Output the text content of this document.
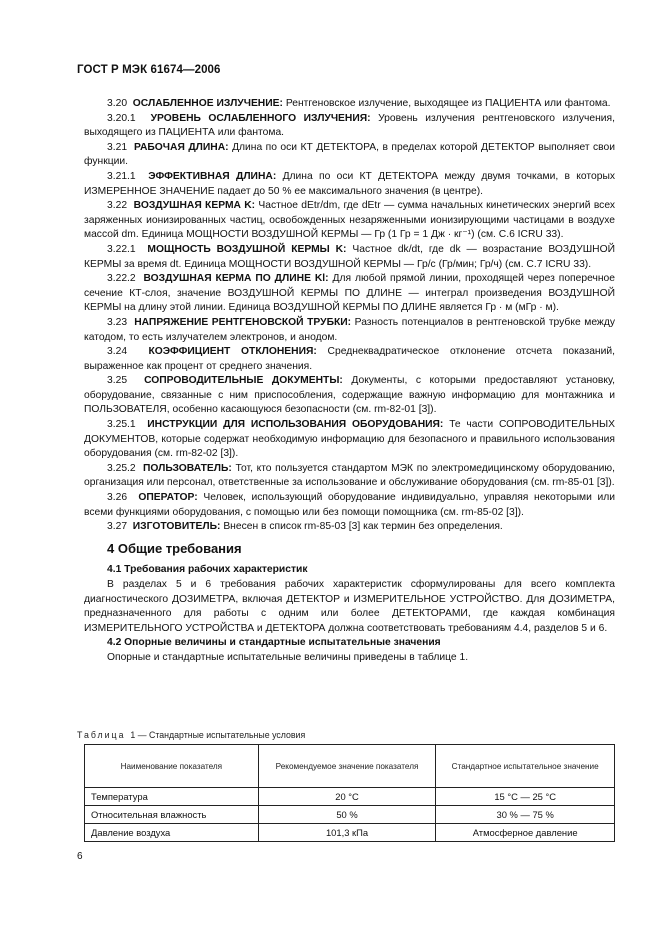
ГОСТ Р МЭК 61674—2006

3.20 ОСЛАБЛЕННОЕ ИЗЛУЧЕНИЕ: Рентгеновское излучение, выходящее из ПАЦИЕНТА или фантома.

3.20.1 УРОВЕНЬ ОСЛАБЛЕННОГО ИЗЛУЧЕНИЯ: Уровень излучения рентгеновского излучения, выходящего из ПАЦИЕНТА или фантома.

3.21 РАБОЧАЯ ДЛИНА: Длина по оси КТ ДЕТЕКТОРА, в пределах которой ДЕТЕКТОР выполняет свои функции.

3.21.1 ЭФФЕКТИВНАЯ ДЛИНА: Длина по оси КТ ДЕТЕКТОРА между двумя точками, в которых ИЗМЕРЕННОЕ ЗНАЧЕНИЕ падает до 50 % ее максимального значения (в центре).

3.22 ВОЗДУШНАЯ КЕРМА K: Частное dEtr/dm, где dEtr — сумма начальных кинетических энергий всех заряженных ионизированных частиц, освобожденных незаряженными ионизирующими частицами в воздухе массой dm. Единица МОЩНОСТИ ВОЗДУШНОЙ КЕРМЫ — Гр (1 Гр = 1 Дж · кг⁻¹) (см. С.6 ICRU 33).

3.22.1 МОЩНОСТЬ ВОЗДУШНОЙ КЕРМЫ K: Частное dk/dt, где dk — возрастание ВОЗДУШНОЙ КЕРМЫ за время dt. Единица МОЩНОСТИ ВОЗДУШНОЙ КЕРМЫ — Гр/с (Гр/мин; Гр/ч) (см. С.7 ICRU 33).

3.22.2 ВОЗДУШНАЯ КЕРМА ПО ДЛИНЕ Kl: Для любой прямой линии, проходящей через поперечное сечение КТ-слоя, значение ВОЗДУШНОЙ КЕРМЫ ПО ДЛИНЕ — интеграл произведения ВОЗДУШНОЙ КЕРМЫ на длину этой линии. Единица ВОЗДУШНОЙ КЕРМЫ ПО ДЛИНЕ является Гр · м (мГр · м).

3.23 НАПРЯЖЕНИЕ РЕНТГЕНОВСКОЙ ТРУБКИ: Разность потенциалов в рентгеновской трубке между катодом, то есть излучателем электронов, и анодом.

3.24 КОЭФФИЦИЕНТ ОТКЛОНЕНИЯ: Среднеквадратическое отклонение отсчета показаний, выраженное как процент от среднего значения.

3.25 СОПРОВОДИТЕЛЬНЫЕ ДОКУМЕНТЫ: Документы, с которыми предоставляют установку, оборудование, связанные с ним приспособления, содержащие важную информацию для монтажника и ПОЛЬЗОВАТЕЛЯ, особенно касающуюся безопасности (см. rm-82-01 [3]).

3.25.1 ИНСТРУКЦИИ ДЛЯ ИСПОЛЬЗОВАНИЯ ОБОРУДОВАНИЯ: Те части СОПРОВОДИТЕЛЬНЫХ ДОКУМЕНТОВ, которые содержат необходимую информацию для безопасного и правильного использования оборудования (см. rm-82-02 [3]).

3.25.2 ПОЛЬЗОВАТЕЛЬ: Тот, кто пользуется стандартом МЭК по электромедицинскому оборудованию, организация или персонал, ответственные за использование и обслуживание оборудования (см. rm-85-01 [3]).

3.26 ОПЕРАТОР: Человек, использующий оборудование индивидуально, управляя некоторыми или всеми функциями оборудования, с помощью или без помощи помощника (см. rm-85-02 [3]).

3.27 ИЗГОТОВИТЕЛЬ: Внесен в список rm-85-03 [3] как термин без определения.

4 Общие требования

4.1 Требования рабочих характеристик

В разделах 5 и 6 требования рабочих характеристик сформулированы для всего комплекта диагностического ДОЗИМЕТРА, включая ДЕТЕКТОР и ИЗМЕРИТЕЛЬНОЕ УСТРОЙСТВО. Для ДОЗИМЕТРА, предназначенного для работы с одним или более ДЕТЕКТОРАМИ, где каждая комбинация ИЗМЕРИТЕЛЬНОГО УСТРОЙСТВА и ДЕТЕКТОРА должна соответствовать требованиям 4.4, разделов 5 и 6.

4.2 Опорные величины и стандартные испытательные значения

Опорные и стандартные испытательные величины приведены в таблице 1.

Таблица 1 — Стандартные испытательные условия
Наименование показателя	Рекомендуемое значение показателя	Стандартное испытательное значение
Температура	20 °С	15 °С — 25 °С
Относительная влажность	50 %	30 % — 75 %
Давление воздуха	101,3 кПа	Атмосферное давление
6
